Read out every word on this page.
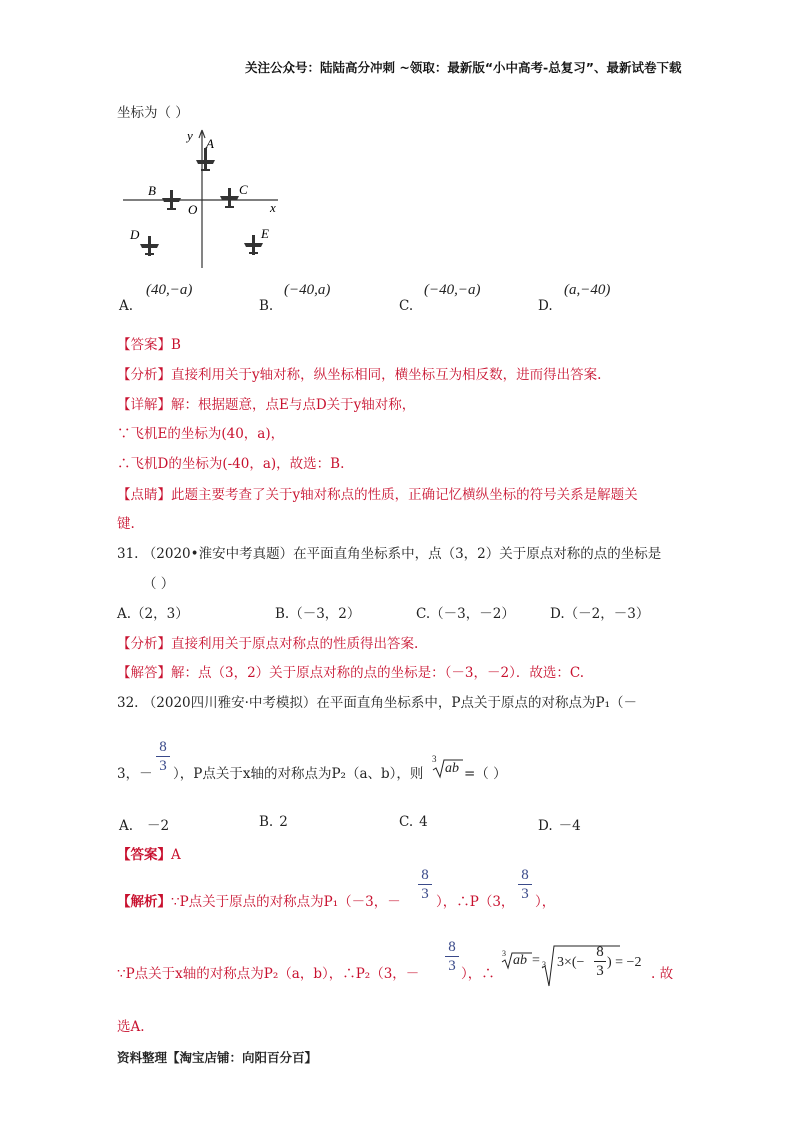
关注公众号：陆陆高分冲刺 ~领取：最新版“小中高考-总复习”、最新试卷下载
坐标为（ ）
y
x
O
A
B	C
D	E
A.
(40,−a)
B.
(−40,a)
C.
(−40,−a)
D.
(a,−40)
【答案】B
【分析】直接利用关于y轴对称，纵坐标相同，横坐标互为相反数，进而得出答案.
【详解】解：根据题意，点E与点D关于y轴对称，
∵飞机E的坐标为(40，a)，
∴飞机D的坐标为(-40，a)，故选：B.
【点睛】此题主要考查了关于y轴对称点的性质，正确记忆横纵坐标的符号关系是解题关
键.
31. （2020•淮安中考真题）在平面直角坐标系中，点（3，2）关于原点对称的点的坐标是
（ ）
A.（2，3）	B.（－3，2）	C.（－3，－2）	D.（－2，－3）
【分析】直接利用关于原点对称点的性质得出答案.
【解答】解：点（3，2）关于原点对称的点的坐标是：（－3，－2）．故选：C.
32. （2020四川雅安·中考模拟）在平面直角坐标系中，P点关于原点的对称点为P₁（－
3，－
8
3 ），P点关于x轴的对称点为P₂（a、b），则
3
ab =（ ）
A. －2	B. 2	C. 4	D. －4
【答案】A
【解析】∵P点关于原点的对称点为P₁（－3，－
8
3 ），∴P（3，
8
3 ），
∵P点关于x轴的对称点为P₂（a，b），∴P₂（3，－
8
3 ），∴
3 ab = 3 3×(−
8
3
) = −2
. 故
选A.
资料整理【淘宝店铺：向阳百分百】
